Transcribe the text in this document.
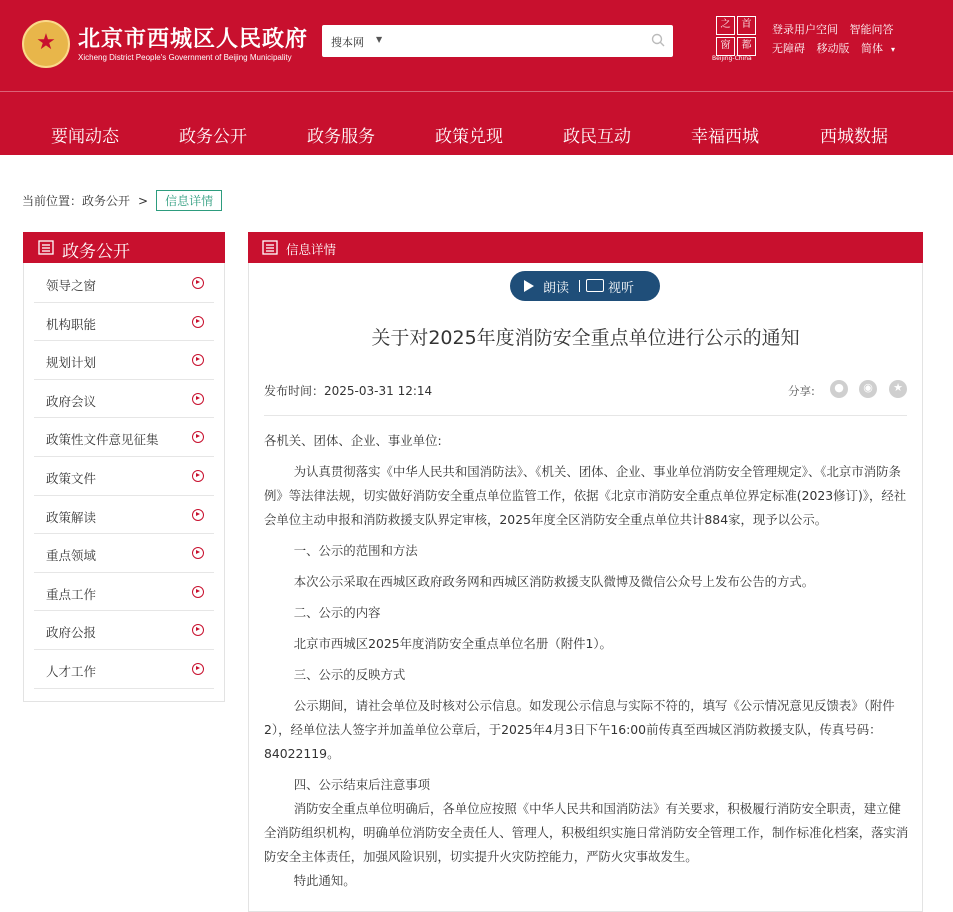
★
北京市西城区人民政府
Xicheng District People's Government of Beijing Municipality
搜本网 ▼
之	首
窗	都
Beijing-China
登录用户空间 智能问答
无障碍 移动版 简体 ▾
要闻动态	政务公开	政务服务	政策兑现	政民互动	幸福西城	西城数据
当前位置：政务公开 > 信息详情
政务公开
领导之窗
机构职能
规划计划
政府会议
政策性文件意见征集
政策文件
政策解读
重点领域
重点工作
政府公报
人才工作
信息详情
朗读	视听
关于对2025年度消防安全重点单位进行公示的通知
发布时间：2025-03-31 12:14	分享:
●
◉
★

各机关、团体、企业、事业单位:

为认真贯彻落实《中华人民共和国消防法》、《机关、团体、企业、事业单位消防安全管理规定》、《北京市消防条例》等法律法规，切实做好消防安全重点单位监管工作，依据《北京市消防安全重点单位界定标准(2023修订)》，经社会单位主动申报和消防救援支队界定审核，2025年度全区消防安全重点单位共计884家，现予以公示。

一、公示的范围和方法

本次公示采取在西城区政府政务网和西城区消防救援支队微博及微信公众号上发布公告的方式。

二、公示的内容

北京市西城区2025年度消防安全重点单位名册（附件1）。

三、公示的反映方式

公示期间，请社会单位及时核对公示信息。如发现公示信息与实际不符的，填写《公示情况意见反馈表》（附件2），经单位法人签字并加盖单位公章后，于2025年4月3日下午16:00前传真至西城区消防救援支队，传真号码：84022119。

四、公示结束后注意事项

消防安全重点单位明确后，各单位应按照《中华人民共和国消防法》有关要求，积极履行消防安全职责，建立健全消防组织机构，明确单位消防安全责任人、管理人，积极组织实施日常消防安全管理工作，制作标准化档案，落实消防安全主体责任，加强风险识别，切实提升火灾防控能力，严防火灾事故发生。

特此通知。
